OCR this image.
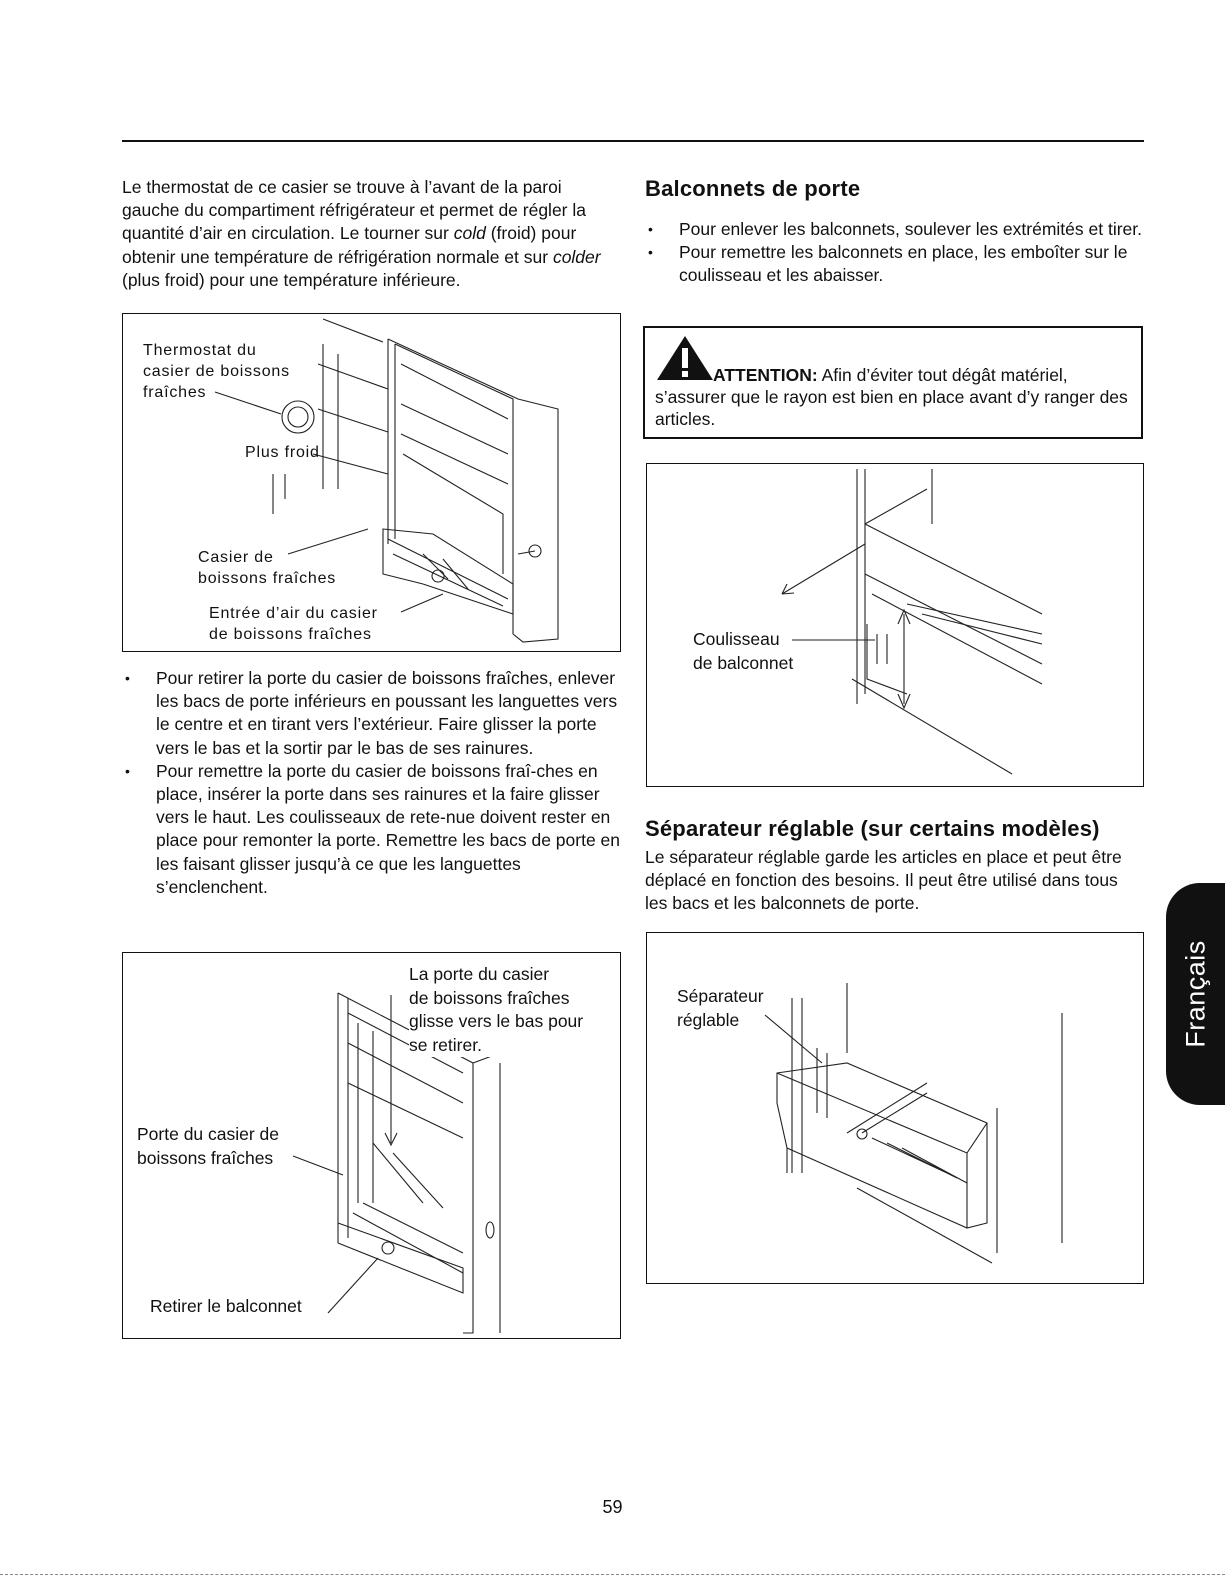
Le thermostat de ce casier se trouve à l’avant de la paroi gauche du compartiment réfrigérateur et permet de régler la quantité d’air en circulation. Le tourner sur cold (froid) pour obtenir une température de réfrigération normale et sur colder (plus froid) pour une température inférieure.

Thermostat du
casier de boissons
fraîches
Plus froid
Casier de
boissons fraîches
Entrée d’air du casier
de boissons fraîches
• Pour retirer la porte du casier de boissons fraîches, enlever les bacs de porte inférieurs en poussant les languettes vers le centre et en tirant vers l’extérieur. Faire glisser la porte vers le bas et la sortir par le bas de ses rainures.
• Pour remettre la porte du casier de boissons fraî-ches en place, insérer la porte dans ses rainures et la faire glisser vers le haut. Les coulisseaux de rete-nue doivent rester en place pour remonter la porte. Remettre les bacs de porte en les faisant glisser jusqu’à ce que les languettes s’enclenchent.
La porte du casier
de boissons fraîches
glisse vers le bas pour
se retirer.
Porte du casier de
boissons fraîches
Retirer le balconnet
Balconnets de porte
• Pour enlever les balconnets, soulever les extrémités et tirer.
• Pour remettre les balconnets en place, les emboîter sur le coulisseau et les abaisser.
ATTENTION: Afin d’éviter tout dégât matériel, s’assurer que le rayon est bien en place avant d’y ranger des articles.
Coulisseau
de balconnet
Séparateur réglable (sur certains modèles)

Le séparateur réglable garde les articles en place et peut être déplacé en fonction des besoins. Il peut être utilisé dans tous les bacs et les balconnets de porte.

Séparateur
réglable	Français
59
